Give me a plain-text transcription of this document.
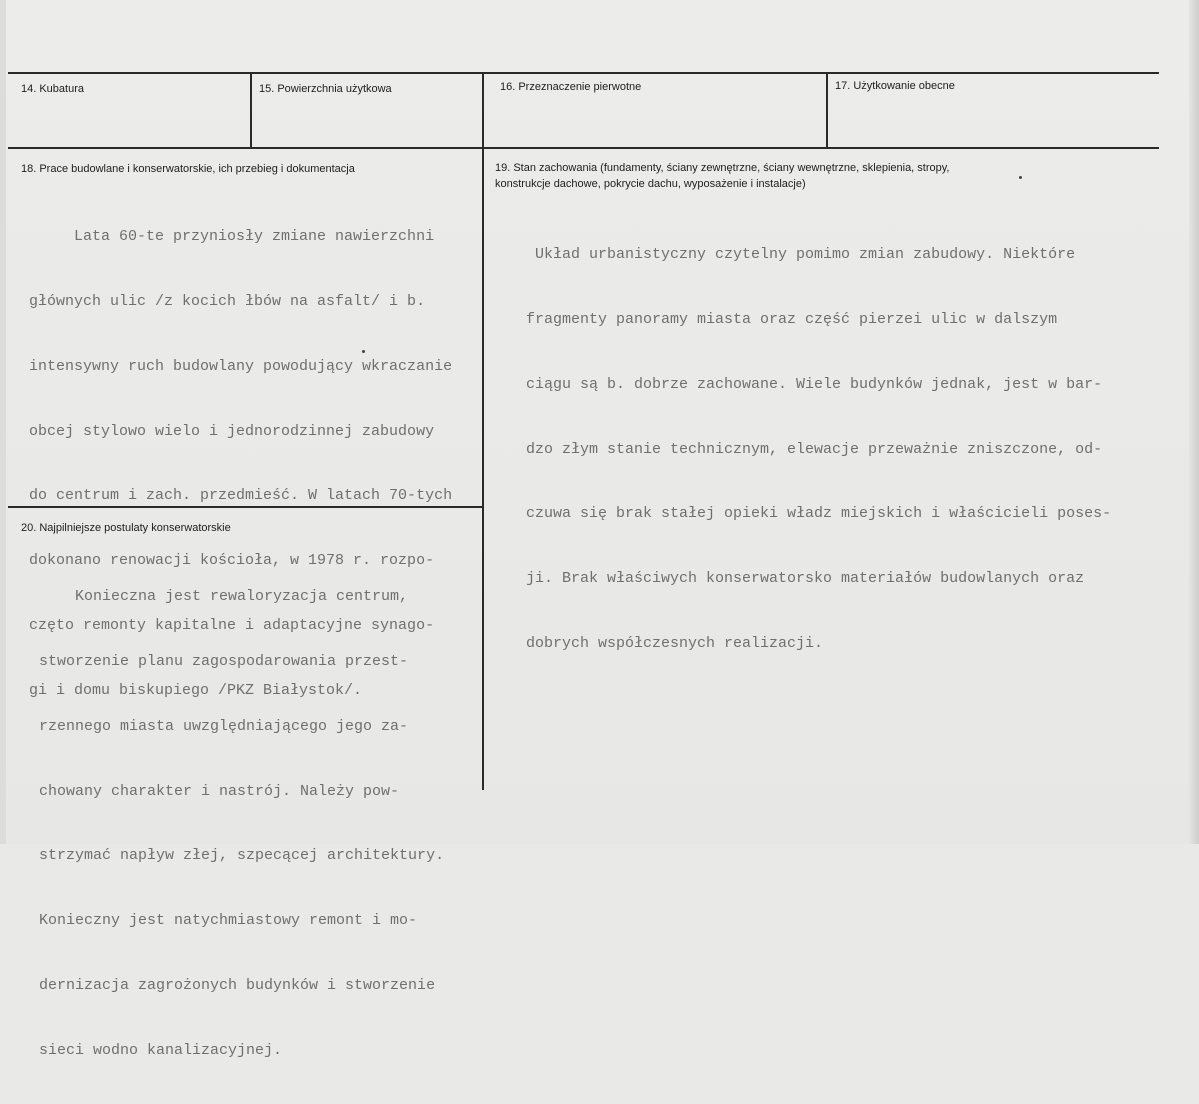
14. Kubatura	15. Powierzchnia użytkowa	16. Przeznaczenie pierwotne	17. Użytkowanie obecne
18. Prace budowlane i konserwatorskie, ich przebieg i dokumentacja

Lata 60-te przyniosły zmiane nawierzchni

głównych ulic /z kocich łbów na asfalt/ i b.

intensywny ruch budowlany powodujący wkraczanie

obcej stylowo wielo i jednorodzinnej zabudowy

do centrum i zach. przedmieść. W latach 70-tych

dokonano renowacji kościoła, w 1978 r. rozpo-

częto remonty kapitalne i adaptacyjne synago-

gi i domu biskupiego /PKZ Białystok/.

19. Stan zachowania (fundamenty, ściany zewnętrzne, ściany wewnętrzne, sklepienia, stropy,
konstrukcje dachowe, pokrycie dachu, wyposażenie i instalacje)

Układ urbanistyczny czytelny pomimo zmian zabudowy. Niektóre

fragmenty panoramy miasta oraz część pierzei ulic w dalszym

ciągu są b. dobrze zachowane. Wiele budynków jednak, jest w bar-

dzo złym stanie technicznym, elewacje przeważnie zniszczone, od-

czuwa się brak stałej opieki władz miejskich i właścicieli poses-

ji. Brak właściwych konserwatorsko materiałów budowlanych oraz

dobrych współczesnych realizacji.

20. Najpilniejsze postulaty konserwatorskie

Konieczna jest rewaloryzacja centrum,

stworzenie planu zagospodarowania przest-

rzennego miasta uwzględniającego jego za-

chowany charakter i nastrój. Należy pow-

strzymać napływ złej, szpecącej architektury.

Konieczny jest natychmiastowy remont i mo-

dernizacja zagrożonych budynków i stworzenie

sieci wodno kanalizacyjnej.
